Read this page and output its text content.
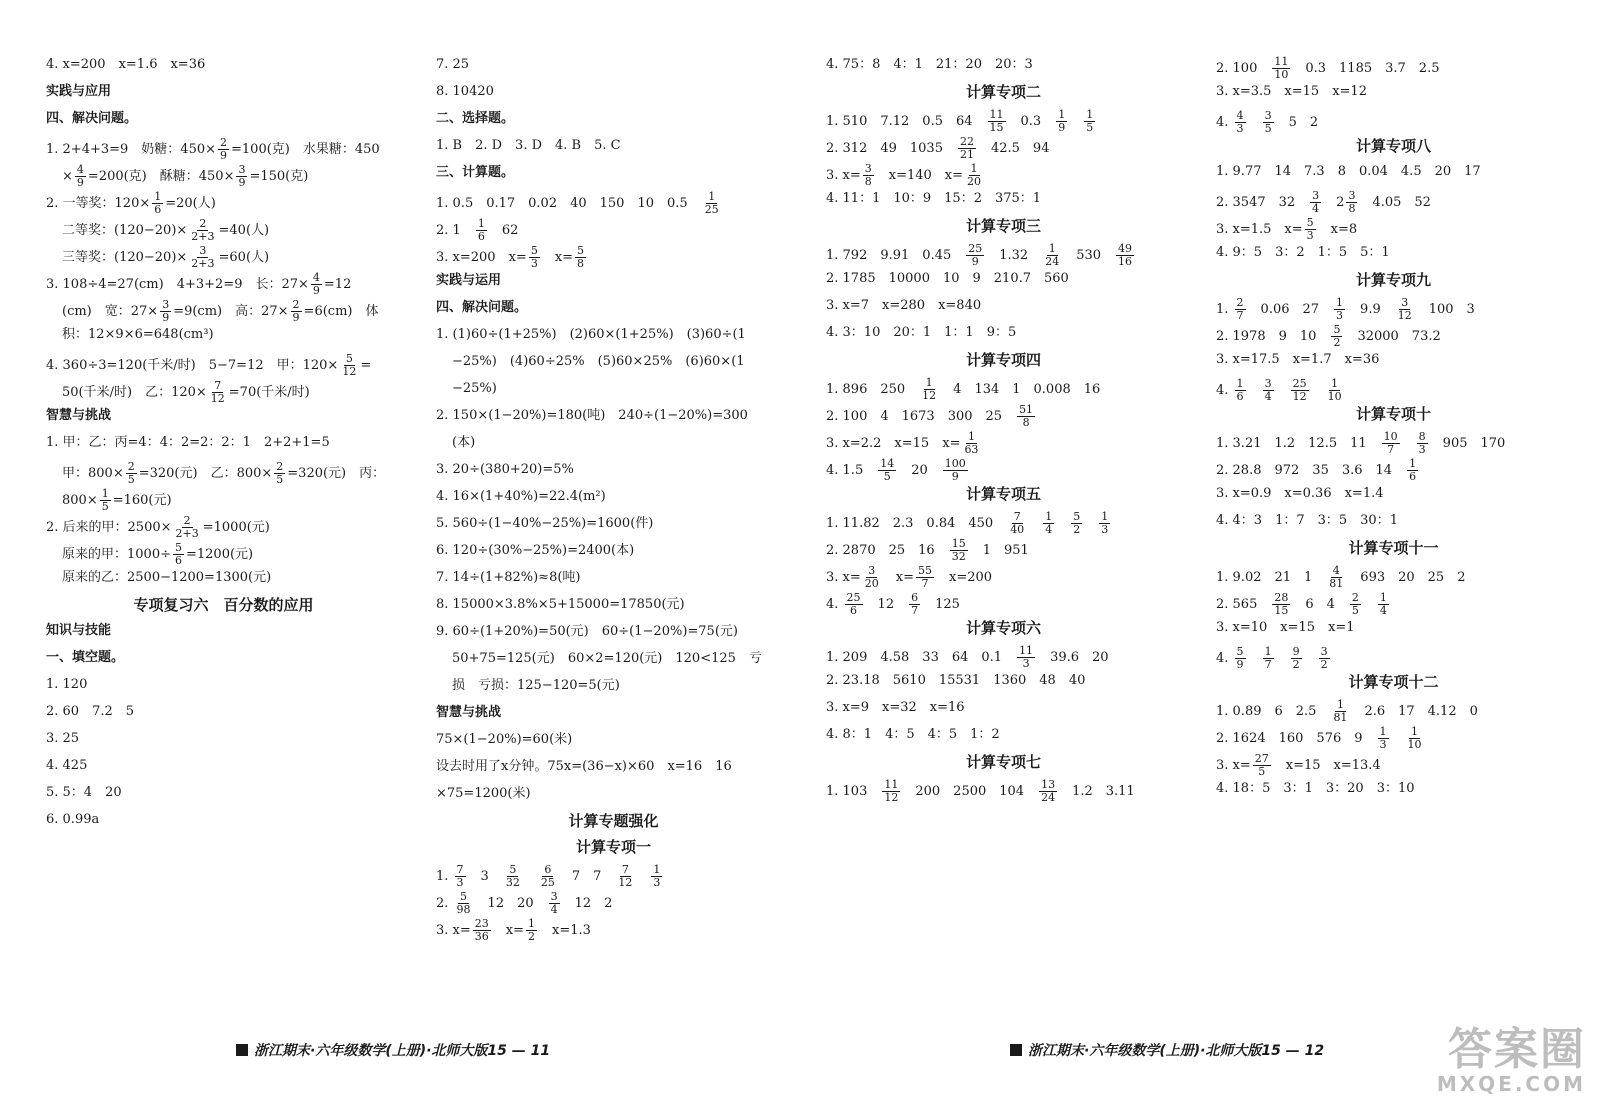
4. x=200　x=1.6　x=36
实践与应用
四、解决问题。
1. 2+4+3=9　奶糖：$450\times \frac{2}{9} =100$(克)　水果糖：450
× $\frac{4}{9} =200$(克)　酥糖：$450\times \frac{3}{9} =150$(克)
2. 一等奖：$120\times \frac{1}{6} =20$(人)
二等奖：$(120-20)\times \frac{2}{2+3} =40$(人)
三等奖：$(120-20)\times \frac{3}{2+3} =60$(人)
3. 108÷4=27(cm)　4+3+2=9　长：$27\times \frac{4}{9} =12$
(cm)　宽：$27\times \frac{3}{9} =9(cm)$　高：$27\times \frac{2}{9} =6(cm)$　体
积：12×9×6=648(cm³)
4. 360÷3=120(千米/时)　5−7=12　甲：$120\times \frac{5}{12}$ =
50(千米/时)　乙：$120\times \frac{7}{12} =70$(千米/时)
智慧与挑战
1. 甲：乙：丙=4：4：2=2：2：1　2+2+1=5
甲：$800\times \frac{2}{5} =320$(元)　乙：$800\times \frac{2}{5} =320$(元)　丙：
$800\times \frac{1}{5} =160$(元)
2. 后来的甲：$2500\times \frac{2}{2+3} =1000$(元)
原来的甲：$1000\div \frac{5}{6} =1200$(元)
原来的乙：2500−1200=1300(元)
专项复习六　百分数的应用
知识与技能
一、填空题。
1. 120
2. 60　7.2　5
3. 25
4. 425
5. 5：4　20
6. 0.99a
7. 25
8. 10420
二、选择题。
1. B　2. D　3. D　4. B　5. C
三、计算题。
1. 0.5　0.17　0.02　40　150　10　0.5　 $\frac{1}{25}$
2. 1　 $\frac{1}{6}$ 　62
3. x=200　$x= \frac{5}{3}$ 　$x= \frac{5}{8}$
实践与运用
四、解决问题。
1. (1)60÷(1+25%)　(2)60×(1+25%)　(3)60÷(1
−25%)　(4)60÷25%　(5)60×25%　(6)60×(1
−25%)
2. 150×(1−20%)=180(吨)　240÷(1−20%)=300
(本)
3. 20÷(380+20)=5%
4. 16×(1+40%)=22.4(m²)
5. 560÷(1−40%−25%)=1600(件)
6. 120÷(30%−25%)=2400(本)
7. 14÷(1+82%)≈8(吨)
8. 15000×3.8%×5+15000=17850(元)
9. 60÷(1+20%)=50(元)　60÷(1−20%)=75(元)
50+75=125(元)　60×2=120(元)　120<125　亏
损　亏损：125−120=5(元)
智慧与挑战
75×(1−20%)=60(米)
设去时用了x分钟。75x=(36−x)×60　x=16　16
×75=1200(米)
计算专题强化
计算专项一
1. $\frac{7}{3}$ 　3　 $\frac{5}{32}$
　 $\frac{6}{25}$ 　7　7　 $\frac{7}{12}$
　 $\frac{1}{3}$
2. $\frac{5}{98}$ 　12　20　 $\frac{3}{4}$ 　12　2
3. $x= \frac{23}{36}$ 　$x= \frac{1}{2}$ 　x=1.3
4. 75：8　4：1　21：20　20：3
计算专项二
1. 510　7.12　0.5　64　 $\frac{11}{15}$ 　0.3　 $\frac{1}{9}$
　 $\frac{1}{5}$
2. 312　49　1035　 $\frac{22}{21}$ 　42.5　94
3. $x= \frac{3}{8}$ 　x=140　$x= \frac{1}{20}$
4. 11：1　10：9　15：2　375：1
计算专项三
1. 792　9.91　0.45　 $\frac{25}{9}$ 　1.32　 $\frac{1}{24}$ 　530　 $\frac{49}{16}$
2. 1785　10000　10　9　210.7　560
3. x=7　x=280　x=840
4. 3：10　20：1　1：1　9：5
计算专项四
1. 896　250　 $\frac{1}{12}$ 　4　134　1　0.008　16
2. 100　4　1673　300　25　 $\frac{51}{8}$
3. x=2.2　x=15　$x= \frac{1}{63}$
4. 1.5　 $\frac{14}{5}$ 　20　 $\frac{100}{9}$
计算专项五
1. 11.82　2.3　0.84　450　 $\frac{7}{40}$
　 $\frac{1}{4}$
　 $\frac{5}{2}$
　 $\frac{1}{3}$
2. 2870　25　16　 $\frac{15}{32}$ 　1　951
3. $x= \frac{3}{20}$ 　$x= \frac{55}{7}$ 　x=200
4. $\frac{25}{6}$ 　12　 $\frac{6}{7}$ 　125
计算专项六
1. 209　4.58　33　64　0.1　 $\frac{11}{3}$ 　39.6　20
2. 23.18　5610　15531　1360　48　40
3. x=9　x=32　x=16
4. 8：1　4：5　4：5　1：2
计算专项七
1. 103　 $\frac{11}{12}$ 　200　2500　104　 $\frac{13}{24}$ 　1.2　3.11
2. 100　 $\frac{11}{10}$ 　0.3　1185　3.7　2.5
3. x=3.5　x=15　x=12
4. $\frac{4}{3}$
　 $\frac{3}{5}$ 　5　2
计算专项八
1. 9.77　14　7.3　8　0.04　4.5　20　17
2. 3547　32　 $\frac{3}{4}$ 　$2 \frac{3}{8}$ 　4.05　52
3. x=1.5　$x= \frac{5}{3}$ 　x=8
4. 9：5　3：2　1：5　5：1
计算专项九
1. $\frac{2}{7}$ 　0.06　27　 $\frac{1}{3}$ 　9.9　 $\frac{3}{12}$ 　100　3
2. 1978　9　10　 $\frac{5}{2}$ 　32000　73.2
3. x=17.5　x=1.7　x=36
4. $\frac{1}{6}$
　 $\frac{3}{4}$
　 $\frac{25}{12}$
　 $\frac{1}{10}$
计算专项十
1. 3.21　1.2　12.5　11　 $\frac{10}{7}$
　 $\frac{8}{3}$ 　905　170
2. 28.8　972　35　3.6　14　 $\frac{1}{6}$
3. x=0.9　x=0.36　x=1.4
4. 4：3　1：7　3：5　30：1
计算专项十一
1. 9.02　21　1　 $\frac{4}{81}$ 　693　20　25　2
2. 565　 $\frac{28}{15}$ 　6　4　 $\frac{2}{5}$
　 $\frac{1}{4}$
3. x=10　x=15　x=1
4. $\frac{5}{9}$
　 $\frac{1}{7}$
　 $\frac{9}{2}$
　 $\frac{3}{2}$
计算专项十二
1. 0.89　6　2.5　 $\frac{1}{81}$ 　2.6　17　4.12　0
2. 1624　160　576　9　 $\frac{1}{3}$
　 $\frac{1}{10}$
3. $x= \frac{27}{5}$ 　x=15　x=13.4
4. 18：5　3：1　3：20　3：10
浙江期末·六年级数学(上册)·北师大版15 — 11	浙江期末·六年级数学(上册)·北师大版15 — 12	答案圈
MXQE.COM
